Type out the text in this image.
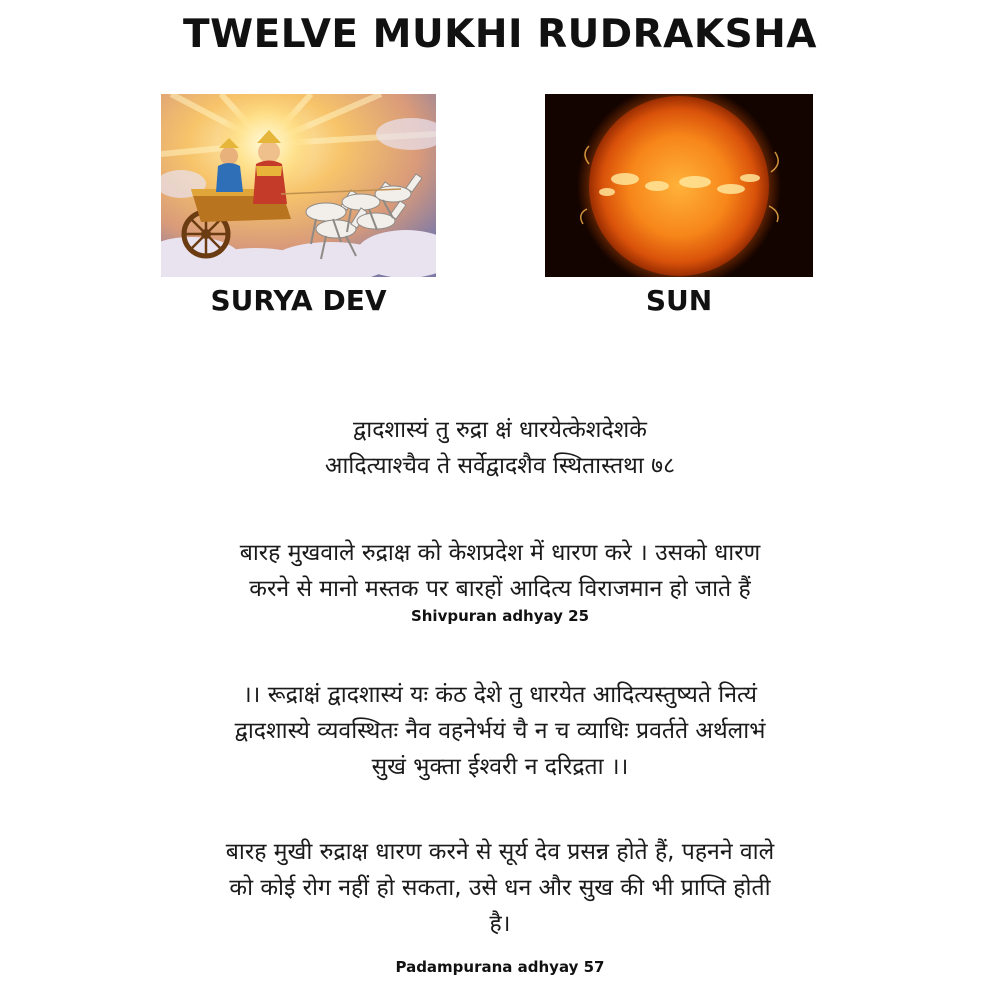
TWELVE MUKHI RUDRAKSHA
SURYA DEV	SUN
द्वादशास्यं तु रुद्रा क्षं धारयेत्केशदेशके
आदित्याश्चैव ते सर्वेद्वादशैव स्थितास्तथा ७८
बारह मुखवाले रुद्राक्ष को केशप्रदेश में धारण करे । उसको धारण
करने से मानो मस्तक पर बारहों आदित्य विराजमान हो जाते हैं
Shivpuran adhyay 25
।। रूद्राक्षं द्वादशास्यं यः कंठ देशे तु धारयेत आदित्यस्तुष्यते नित्यं
द्वादशास्ये व्यवस्थितः नैव वहनेर्भयं चै न च व्याधिः प्रवर्तते अर्थलाभं
सुखं भुक्ता ईश्वरी न दरिद्रता ।।
बारह मुखी रुद्राक्ष धारण करने से सूर्य देव प्रसन्न होते हैं, पहनने वाले
को कोई रोग नहीं हो सकता, उसे धन और सुख की भी प्राप्ति होती
है।
Padampurana adhyay 57
